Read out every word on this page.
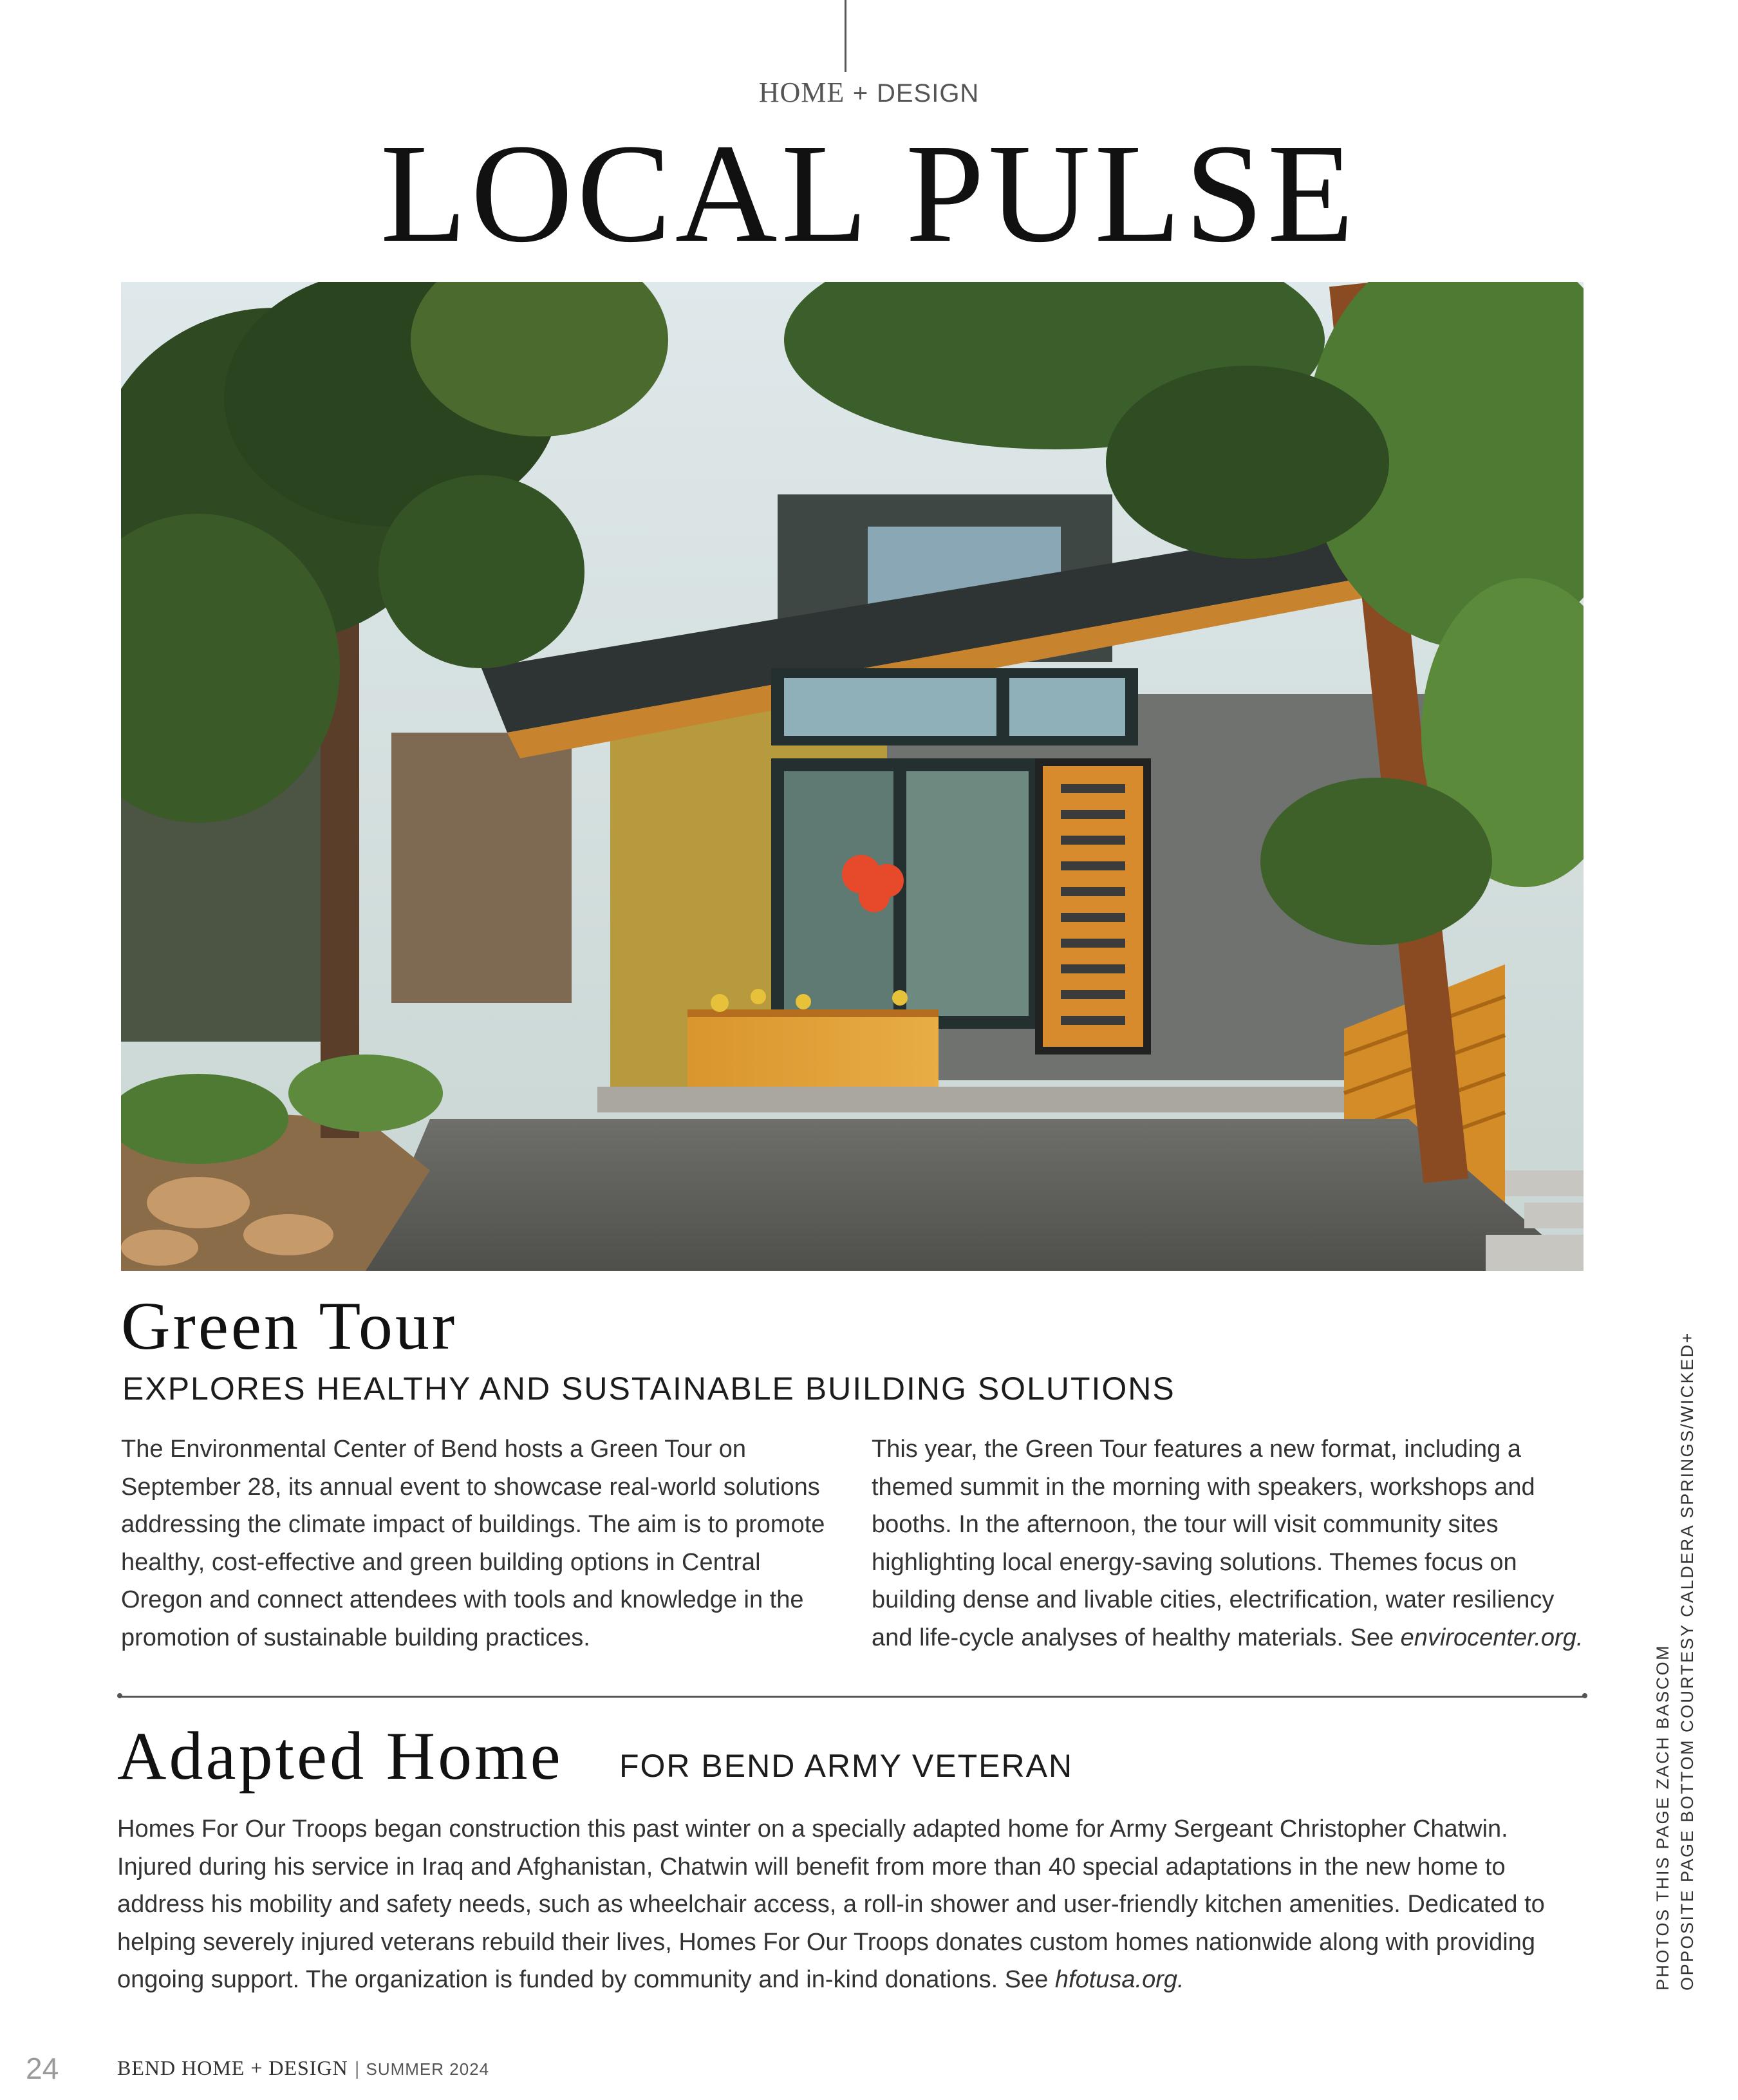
HOME + DESIGN
LOCAL PULSE
Green Tour
EXPLORES HEALTHY AND SUSTAINABLE BUILDING SOLUTIONS

The Environmental Center of Bend hosts a Green Tour on September 28, its annual event to showcase real-world solutions addressing the climate impact of buildings. The aim is to promote healthy, cost-effective and green building options in Central Oregon and connect attendees with tools and knowledge in the promotion of sustainable building practices.

This year, the Green Tour features a new format, including a themed summit in the morning with speakers, workshops and booths. In the afternoon, the tour will visit community sites highlighting local energy-saving solutions. Themes focus on building dense and livable cities, electrification, water resiliency and life-cycle analyses of healthy materials. See envirocenter.org.

Adapted Home FOR BEND ARMY VETERAN

Homes For Our Troops began construction this past winter on a specially adapted home for Army Sergeant Christopher Chatwin. Injured during his service in Iraq and Afghanistan, Chatwin will benefit from more than 40 special adaptations in the new home to address his mobility and safety needs, such as wheelchair access, a roll-in shower and user-friendly kitchen amenities. Dedicated to helping severely injured veterans rebuild their lives, Homes For Our Troops donates custom homes nationwide along with providing ongoing support. The organization is funded by community and in-kind donations. See hfotusa.org.	PHOTOS THIS PAGE ZACH BASCOM OPPOSITE PAGE BOTTOM COURTESY CALDERA SPRINGS/WICKED+
24	BEND HOME + DESIGN | SUMMER 2024
